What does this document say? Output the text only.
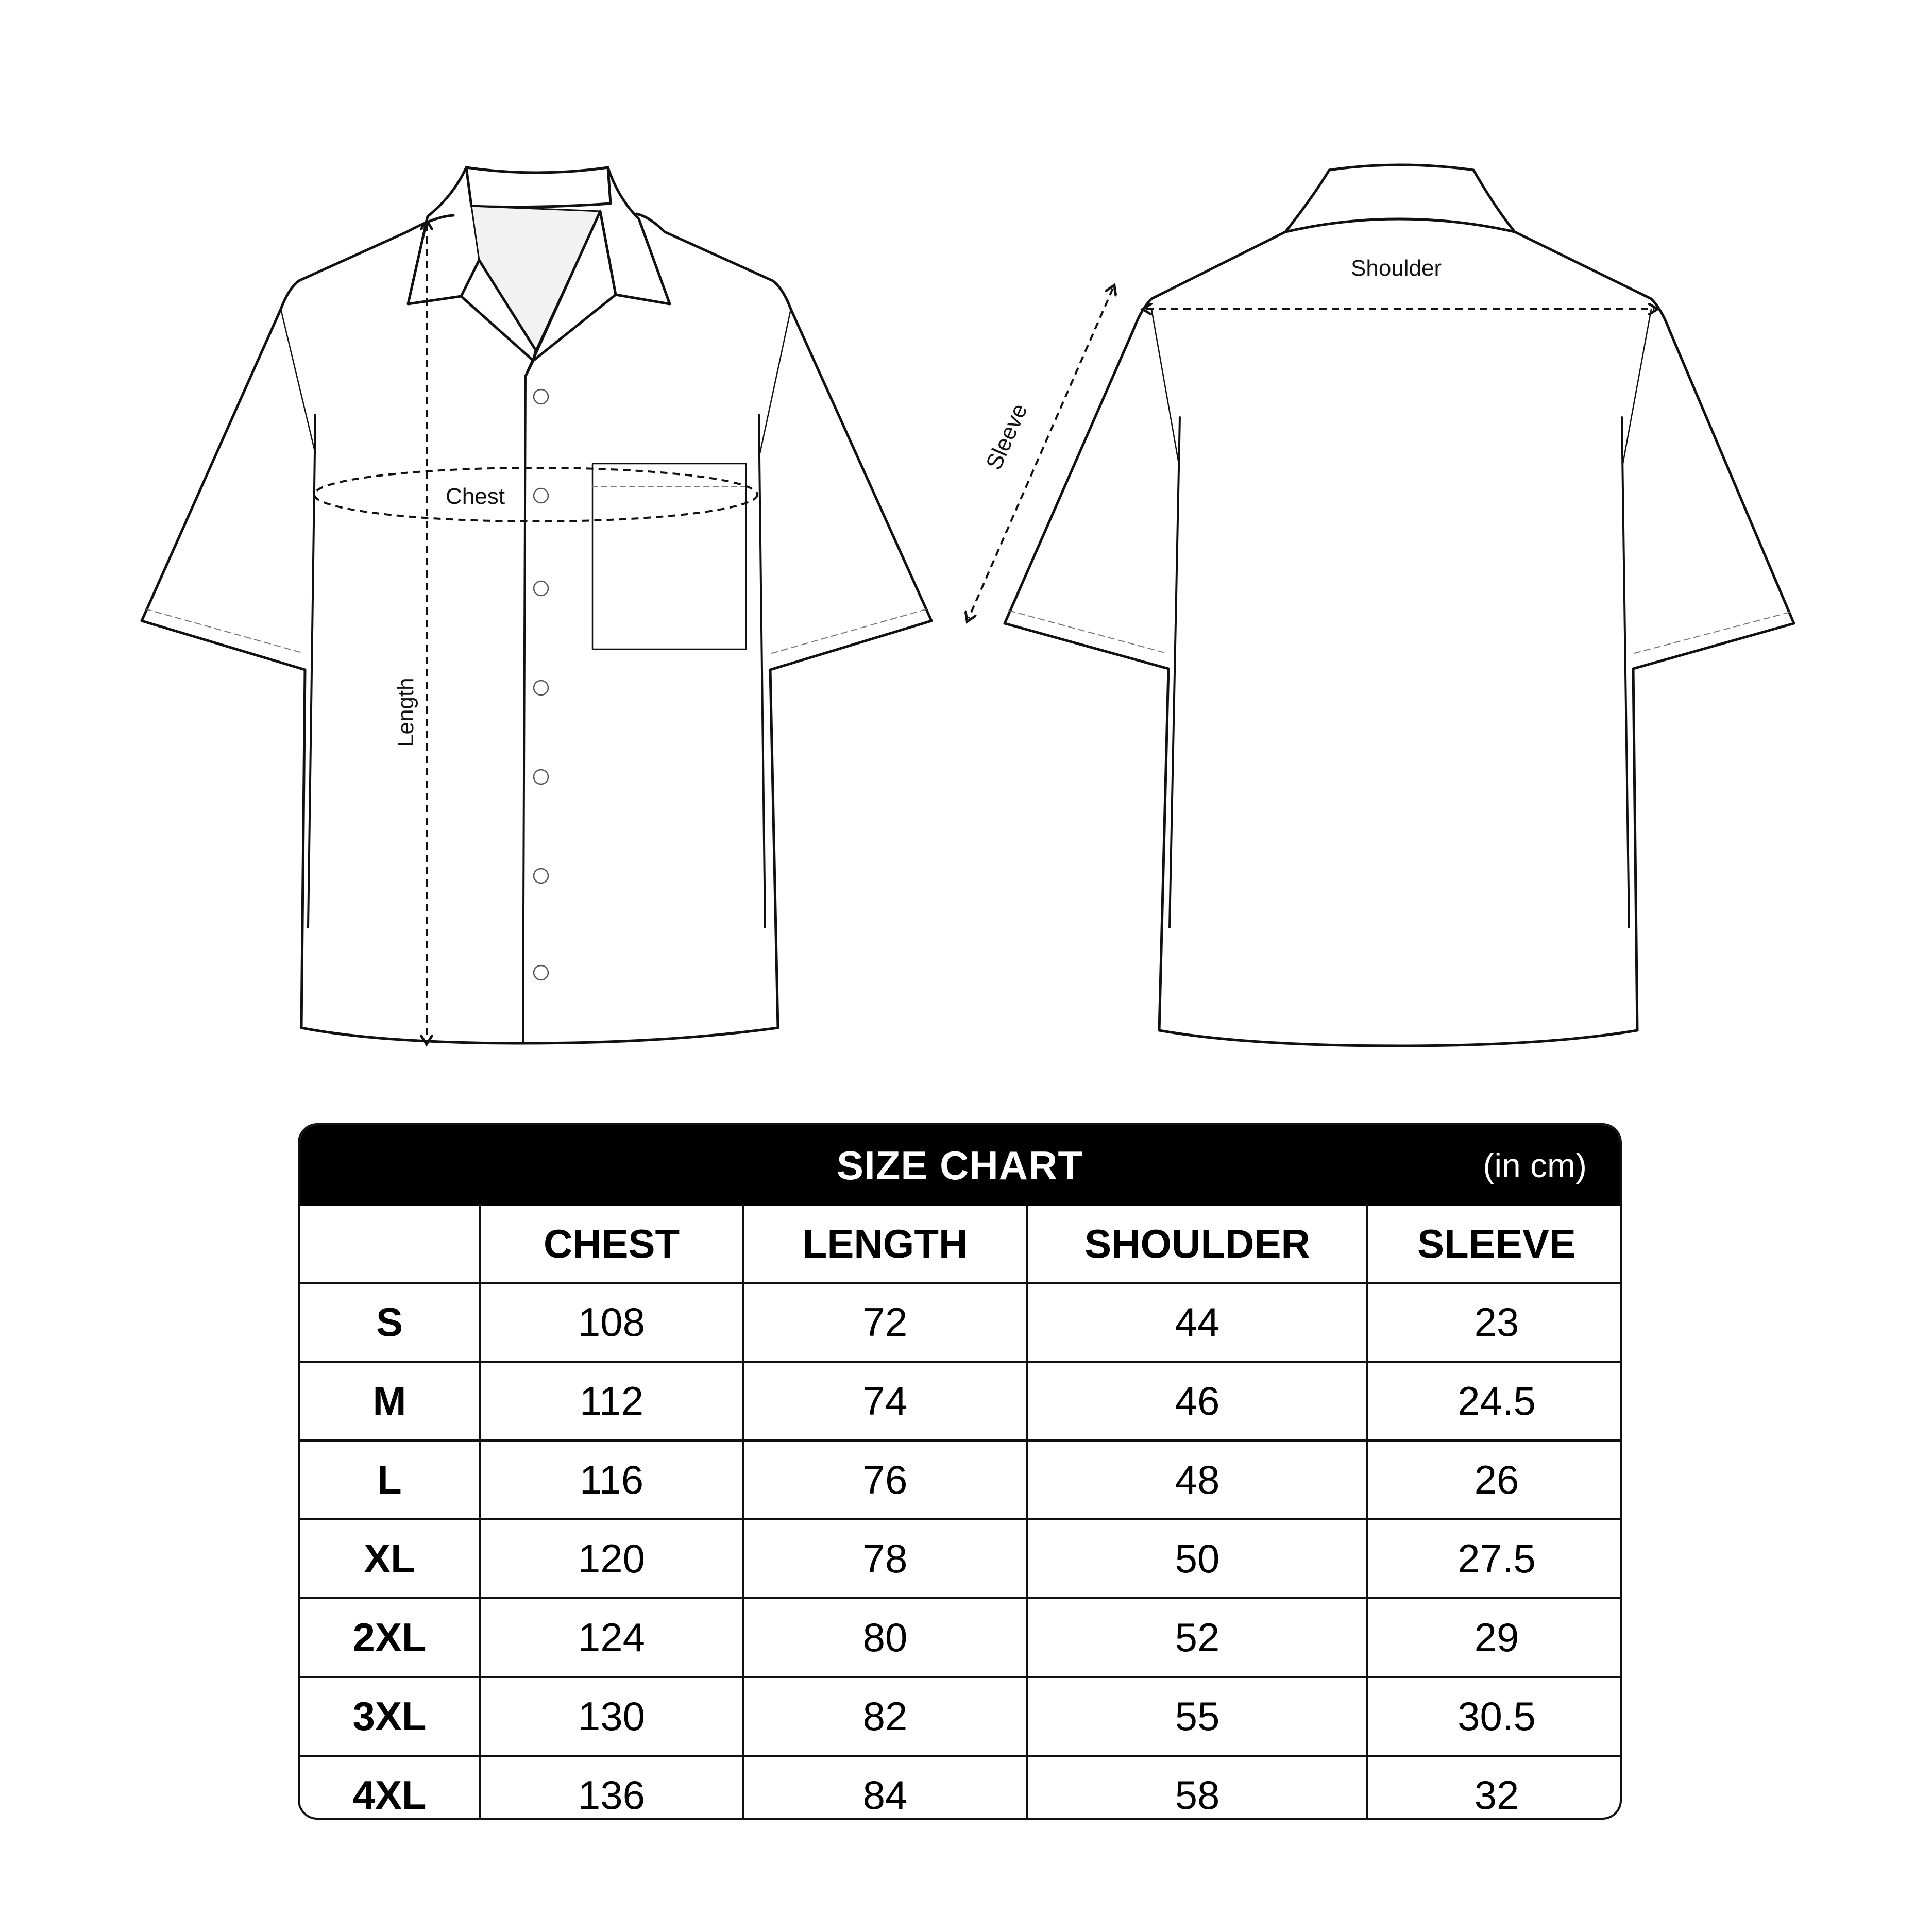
Chest
Length
Shoulder
Sleeve
SIZE CHART	(in cm)
	CHEST	LENGTH	SHOULDER	SLEEVE
S	108	72	44	23
M	112	74	46	24.5
L	116	76	48	26
XL	120	78	50	27.5
2XL	124	80	52	29
3XL	130	82	55	30.5
4XL	136	84	58	32
